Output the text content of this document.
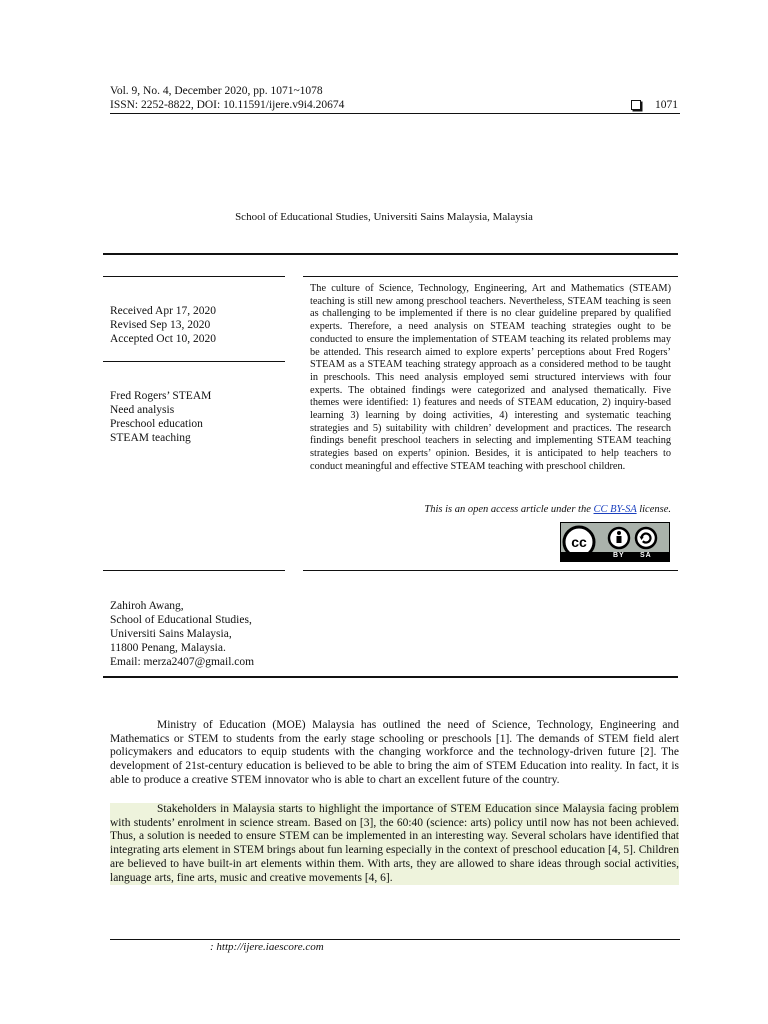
Vol. 9, No. 4, December 2020, pp. 1071~1078
ISSN: 2252-8822, DOI: 10.11591/ijere.v9i4.20674	1071
School of Educational Studies, Universiti Sains Malaysia, Malaysia
Received Apr 17, 2020
Revised Sep 13, 2020
Accepted Oct 10, 2020
Fred Rogers’ STEAM
Need analysis
Preschool education
STEAM teaching
The culture of Science, Technology, Engineering, Art and Mathematics (STEAM) teaching is still new among preschool teachers. Nevertheless, STEAM teaching is seen as challenging to be implemented if there is no clear guideline prepared by qualified experts. Therefore, a need analysis on STEAM teaching strategies ought to be conducted to ensure the implementation of STEAM teaching its related problems may be attended. This research aimed to explore experts’ perceptions about Fred Rogers’ STEAM as a STEAM teaching strategy approach as a considered method to be taught in preschools. This need analysis employed semi structured interviews with four experts. The obtained findings were categorized and analysed thematically. Five themes were identified: 1) features and needs of STEAM education, 2) inquiry-based learning 3) learning by doing activities, 4) interesting and systematic teaching strategies and 5) suitability with children’ development and practices. The research findings benefit preschool teachers in selecting and implementing STEAM teaching strategies based on experts’ opinion. Besides, it is anticipated to help teachers to conduct meaningful and effective STEAM teaching with preschool children.
This is an open access article under the CC BY-SA license.
cc
BY SA
Zahiroh Awang,
School of Educational Studies,
Universiti Sains Malaysia,
11800 Penang, Malaysia.
Email: merza2407@gmail.com
Ministry of Education (MOE) Malaysia has outlined the need of Science, Technology, Engineering and Mathematics or STEM to students from the early stage schooling or preschools [1]. The demands of STEM field alert policymakers and educators to equip students with the changing workforce and the technology-driven future [2]. The development of 21st-century education is believed to be able to bring the aim of STEM Education into reality. In fact, it is able to produce a creative STEM innovator who is able to chart an excellent future of the country.
Stakeholders in Malaysia starts to highlight the importance of STEM Education since Malaysia facing problem with students’ enrolment in science stream. Based on [3], the 60:40 (science: arts) policy until now has not been achieved. Thus, a solution is needed to ensure STEM can be implemented in an interesting way. Several scholars have identified that integrating arts element in STEM brings about fun learning especially in the context of preschool education [4, 5]. Children are believed to have built-in art elements within them. With arts, they are allowed to share ideas through social activities, language arts, fine arts, music and creative movements [4, 6].
: http://ijere.iaescore.com
